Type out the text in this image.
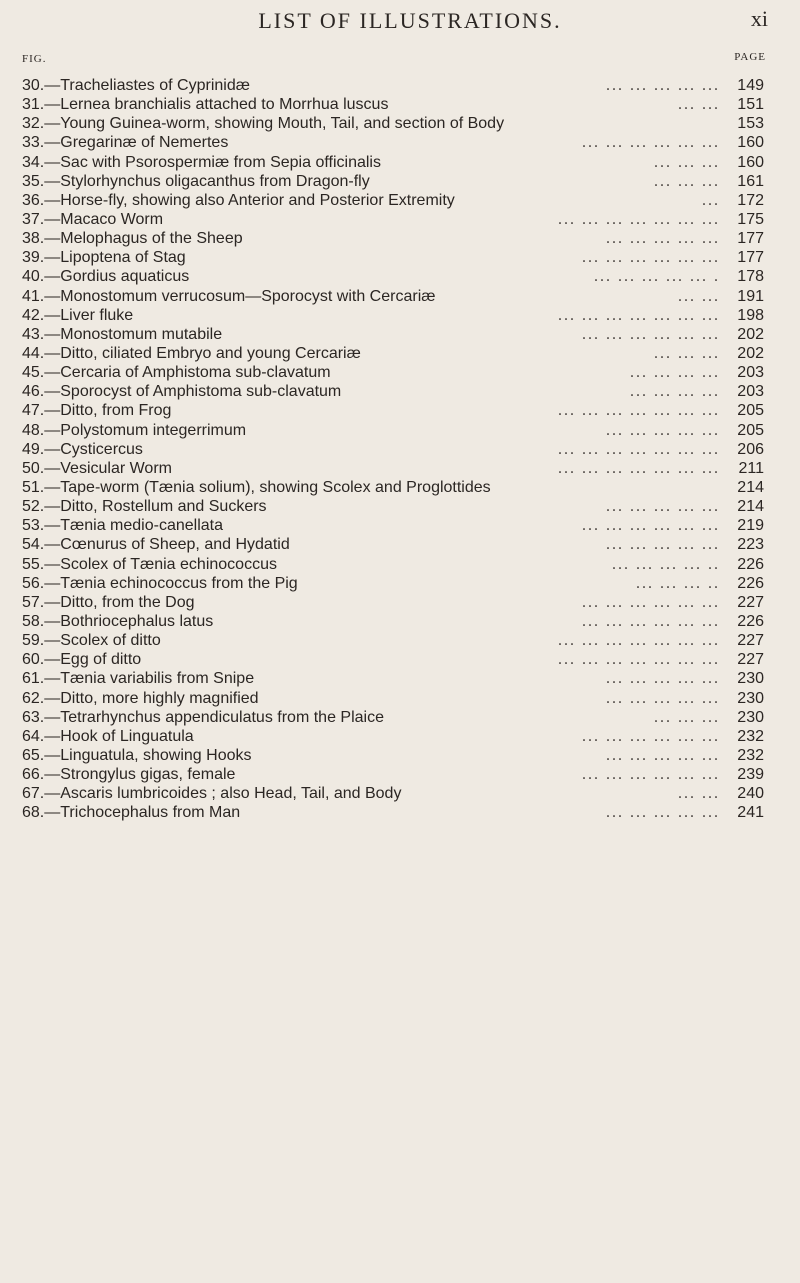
LIST OF ILLUSTRATIONS.	xi
FIG.	PAGE
30. —Tracheliastes of Cyprinidæ	... ... ... ... ...	149
31. —Lernea branchialis attached to Morrhua luscus	... ...	151
32. —Young Guinea-worm, showing Mouth, Tail, and section of Body	153
33. —Gregarinæ of Nemertes	... ... ... ... ... ...	160
34. —Sac with Psorospermiæ from Sepia officinalis	... ... ...	160
35. —Stylorhynchus oligacanthus from Dragon-fly	... ... ...	161
36. —Horse-fly, showing also Anterior and Posterior Extremity	...	172
37. —Macaco Worm	... ... ... ... ... ... ...	175
38. —Melophagus of the Sheep	... ... ... ... ...	177
39. —Lipoptena of Stag	... ... ... ... ... ...	177
40. —Gordius aquaticus	... ... ... ... ... .	178
41. —Monostomum verrucosum—Sporocyst with Cercariæ	... ...	191
42. —Liver fluke	... ... ... ... ... ... ...	198
43. —Monostomum mutabile	... ... ... ... ... ...	202
44. —Ditto, ciliated Embryo and young Cercariæ	... ... ...	202
45. —Cercaria of Amphistoma sub-clavatum	... ... ... ...	203
46. —Sporocyst of Amphistoma sub-clavatum	... ... ... ...	203
47. —Ditto, from Frog	... ... ... ... ... ... ...	205
48. —Polystomum integerrimum	... ... ... ... ...	205
49. —Cysticercus	... ... ... ... ... ... ...	206
50. —Vesicular Worm	... ... ... ... ... ... ...	211
51. —Tape-worm (Tænia solium), showing Scolex and Proglottides	214
52. —Ditto, Rostellum and Suckers	... ... ... ... ...	214
53. —Tænia medio-canellata	... ... ... ... ... ...	219
54. —Cœnurus of Sheep, and Hydatid	... ... ... ... ...	223
55. —Scolex of Tænia echinococcus	... ... ... ... ..	226
56. —Tænia echinococcus from the Pig	... ... ... ..	226
57. —Ditto, from the Dog	... ... ... ... ... ...	227
58. —Bothriocephalus latus	... ... ... ... ... ...	226
59. —Scolex of ditto	... ... ... ... ... ... ...	227
60. —Egg of ditto	... ... ... ... ... ... ...	227
61. —Tænia variabilis from Snipe	... ... ... ... ...	230
62. —Ditto, more highly magnified	... ... ... ... ...	230
63. —Tetrarhynchus appendiculatus from the Plaice	... ... ...	230
64. —Hook of Linguatula	... ... ... ... ... ...	232
65. —Linguatula, showing Hooks	... ... ... ... ...	232
66. —Strongylus gigas, female	... ... ... ... ... ...	239
67. —Ascaris lumbricoides ; also Head, Tail, and Body	... ...	240
68. —Trichocephalus from Man	... ... ... ... ...	241
